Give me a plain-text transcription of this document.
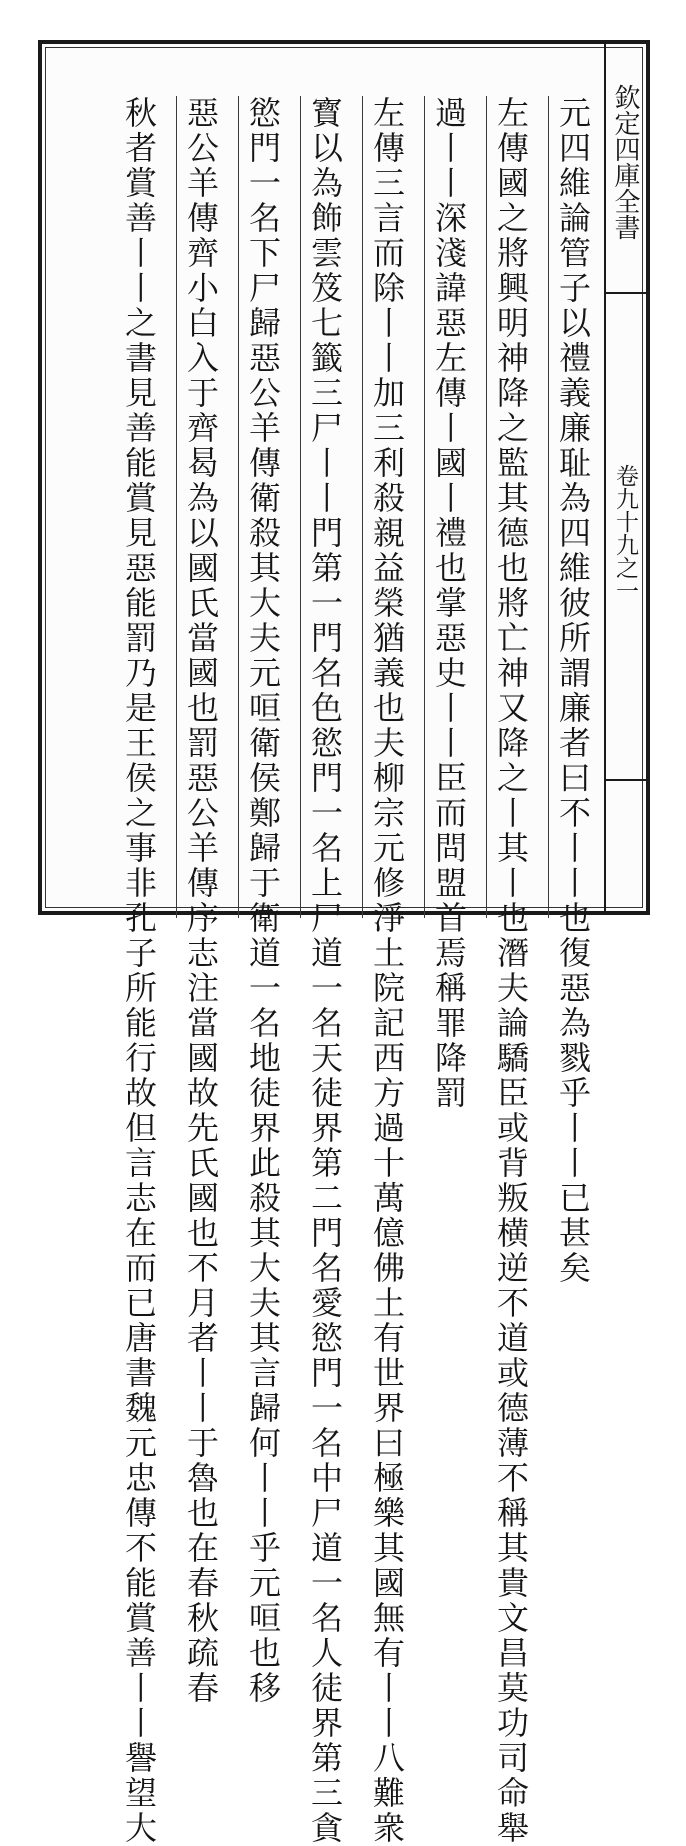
欽定四庫全書
卷九十九之一
元四維論管子以禮義廉耻為四維彼所謂廉者曰不丨丨也復惡為戮乎丨丨已甚矣
左傳國之將興明神降之監其德也將亡神又降之丨其丨也潛夫論驕臣或背叛横逆不道或德薄不稱其貴文昌莫功司命舉
過丨丨深淺諱惡左傳丨國丨禮也掌惡史丨丨臣而問盟首焉稱罪降罰
左傳三言而除丨丨加三利殺親益榮猶義也夫柳宗元修淨土院記西方過十萬億佛土有世界曰極樂其國無有丨丨八難衆
寳以為飾雲笈七籤三尸丨丨門第一門名色慾門一名上尸道一名天徒界第二門名愛慾門一名中尸道一名人徒界第三貪
慾門一名下尸歸惡公羊傳衛殺其大夫元咺衛侯鄭歸于衛道一名地徒界此殺其大夫其言歸何丨丨乎元咺也移
惡公羊傳齊小白入于齊曷為以國氏當國也罰惡公羊傳序志注當國故先氏國也不月者丨丨于魯也在春秋疏春
秋者賞善丨丨之書見善能賞見惡能罰乃是王侯之事非孔子所能行故但言志在而已唐書魏元忠傳不能賞善丨丨譽望大
